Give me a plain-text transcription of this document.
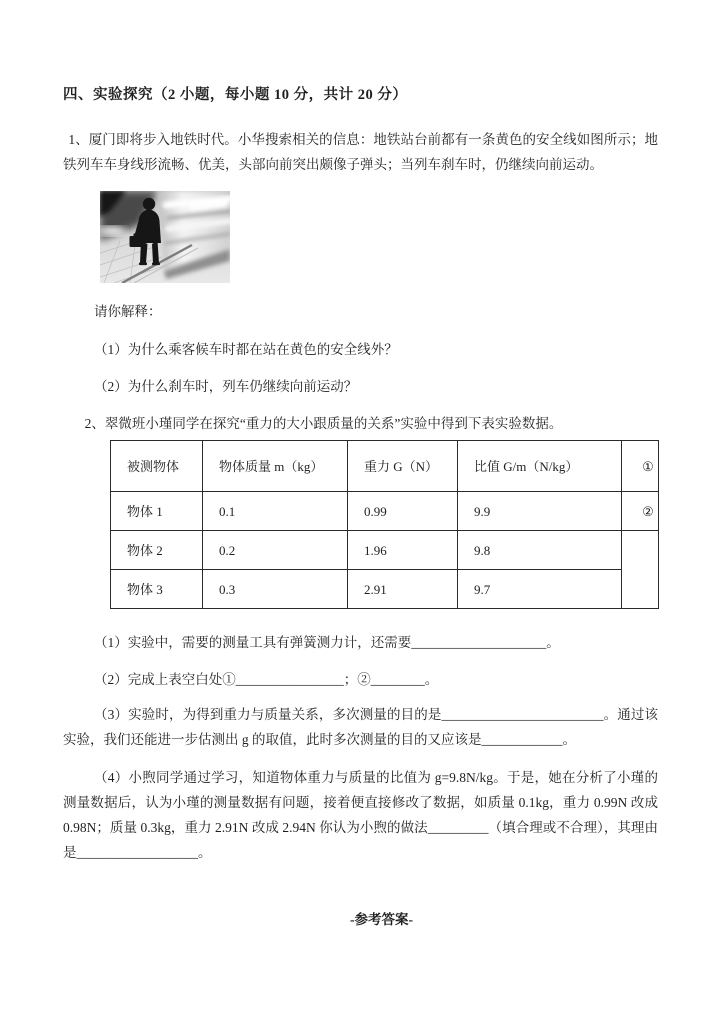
四、实验探究（2 小题，每小题 10 分，共计 20 分）

1、厦门即将步入地铁时代。小华搜索相关的信息：地铁站台前都有一条黄色的安全线如图所示；地铁列车车身线形流畅、优美，头部向前突出颇像子弹头；当列车刹车时，仍继续向前运动。

请你解释：

（1）为什么乘客候车时都在站在黄色的安全线外？

（2）为什么刹车时，列车仍继续向前运动？

2、翠微班小瑾同学在探究“重力的大小跟质量的关系”实验中得到下表实验数据。

被测物体	物体质量 m（kg）	重力 G（N）	比值 G/m（N/kg）	①
物体 1	0.1	0.99	9.9	②
物体 2	0.2	1.96	9.8	
物体 3	0.3	2.91	9.7	

（1）实验中，需要的测量工具有弹簧测力计，还需要____________________。

（2）完成上表空白处①________________；②________。

（3）实验时，为得到重力与质量关系，多次测量的目的是________________________。通过该实验，我们还能进一步估测出 g 的取值，此时多次测量的目的又应该是____________。

（4）小煦同学通过学习，知道物体重力与质量的比值为 g=9.8N/kg。于是，她在分析了小瑾的测量数据后，认为小瑾的测量数据有问题，接着便直接修改了数据，如质量 0.1kg，重力 0.99N 改成 0.98N；质量 0.3kg，重力 2.91N 改成 2.94N 你认为小煦的做法_________（填合理或不合理），其理由是__________________。

-参考答案-
